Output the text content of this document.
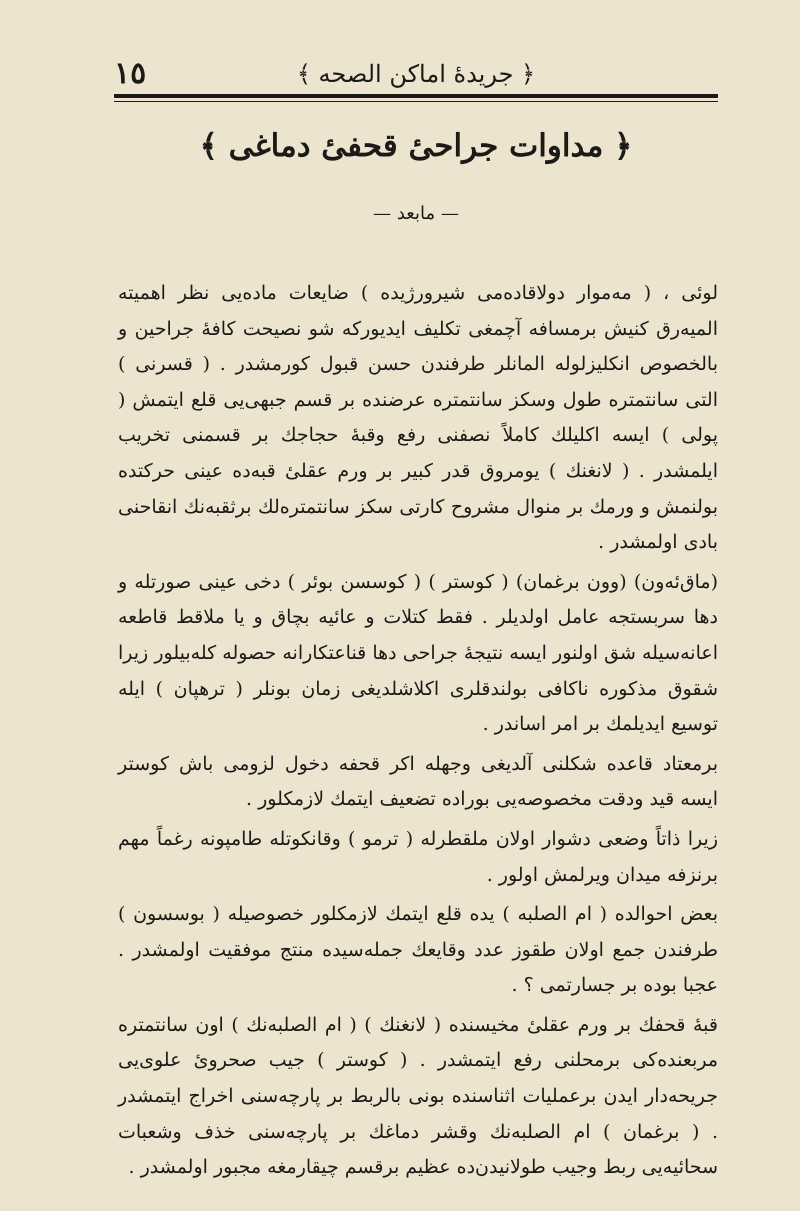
١٥	﴿ جريدهٔ اماكن الصحه ﴾
﴿ مداوات جراحیٔ قحفیٔ دماغی ﴾
— مابعد —

لوئی ، ( مه‌موار دولاقاده‌می شیرورژیده ) ضایعات ماده‌یی نظر اهمیته المیه‌رق کنیش برمسافه آچمغی تکلیف ایدیورکه شو نصیحت کافهٔ جراحین و بالخصوص انکلیزلوله المانلر طرفندن حسن قبول کورمشدر . ( قسرنی ) التی سانتمتره طول وسکز سانتمتره عرضنده بر قسم جبهی‌یی قلع ایتمش ( پولی ) ایسه اکلیلك کاملاً نصفنی رفع وقبهٔ حجاجك بر قسمنی تخریب ایلمشدر . ( لانغنك ) یومروق قدر کبیر بر ورم عقلیٔ قبه‌ده عینی حرکتده بولنمش و ورمك بر منوال مشروح کارتی سکز سانتمتره‌لك برثقبه‌نك انقاحنی بادی اولمشدر .

(ماق‌ئه‌ون) (وون برغمان) ( کوستر ) ( کوسسن بوئر ) دخی عینی صورتله و دها سربستجه عامل اولدیلر . فقط کتلات و عائیه بچاق و یا ملاقط قاطعه اعانه‌سیله شق اولنور ایسه نتیجهٔ جراحی دها قناعتکارانه حصوله‌ کله‌بیلور زیرا شقوق مذکوره ناکافی بولندقلری اکلاشلدیغی زمان بونلر ( ترهپان ) ایله توسیع ایدیلمك بر امر اساندر .

برمعتاد قاعده شکلنی آلدیغی وجهله اکر قحفه دخول لزومی باش کوستر ایسه قید ودقت مخصوصه‌یی بوراده تضعیف ایتمك لازمکلور .

زیرا ذاتاً وضعی دشوار اولان ملقطرله ( ترمو ) وقانکوتله طامپونه رغماً مهم برنزفه میدان ویرلمش اولور .

بعض احوالده ( ام الصلبه ) یده قلع ایتمك لازمکلور خصوصیله ( بوسسون ) طرفندن جمع اولان طقوز عدد وقایعك جمله‌سیده منتج موفقیت اولمشدر . عجبا بوده بر جسارتمی ؟ .

قبهٔ قحفك بر ورم عقلیٔ مخیسنده ( لانغنك ) ( ام الصلبه‌نك ) اون سانتمتره مربعنده‌کی برمحلنی رفع ایتمشدر . ( کوستر ) جیب صحرویٔ علوی‌یی جریحه‌دار ایدن برعملیات اثناسنده بونی بالربط بر پارچه‌سنی اخراج ایتمشدر . ( برغمان ) ام الصلبه‌نك وقشر دماغك بر پارچه‌سنی خذف وشعبات سحائیه‌یی ربط وجیب طولانیدن‌ده عظیم برقسم چیقارمغه مجبور اولمشدر .
